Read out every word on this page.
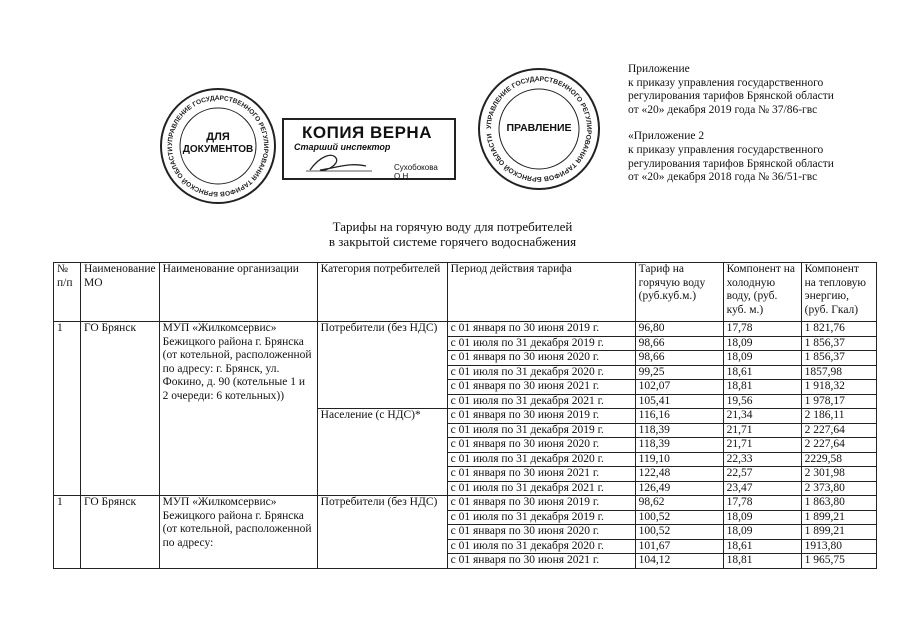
Приложение
к приказу управления государственного
регулирования тарифов Брянской области
от «20» декабря 2019 года № 37/86-гвс
«Приложение 2
к приказу управления государственного
регулирования тарифов Брянской области
от «20» декабря 2018 года № 36/51-гвс
УПРАВЛЕНИЕ ГОСУДАРСТВЕННОГО РЕГУЛИРОВАНИЯ ТАРИФОВ БРЯНСКОЙ ОБЛАСТИ
ДЛЯ
ДОКУМЕНТОВ
КОПИЯ ВЕРНА
Старший инспектор
Сухобокова О.Н.
УПРАВЛЕНИЕ ГОСУДАРСТВЕННОГО РЕГУЛИРОВАНИЯ ТАРИФОВ БРЯНСКОЙ ОБЛАСТИ
ПРАВЛЕНИЕ
Тарифы на горячую воду для потребителей
в закрытой системе горячего водоснабжения
№ п/п	Наименование МО	Наименование организации	Категория потребителей	Период действия тарифа	Тариф на горячую воду (руб.куб.м.)	Компонент на холодную воду, (руб. куб. м.)	Компонент на тепловую энергию, (руб. Гкал)
1	ГО Брянск	МУП «Жилкомсервис» Бежицкого района г. Брянска (от котельной, расположенной по адресу: г. Брянск, ул. Фокино, д. 90 (котельные 1 и 2 очереди: 6 котельных))	Потребители (без НДС)	с 01 января по 30 июня 2019 г.	96,80	17,78	1 821,76
				с 01 июля по 31 декабря 2019 г.	98,66	18,09	1 856,37
				с 01 января по 30 июня 2020 г.	98,66	18,09	1 856,37
				с 01 июля по 31 декабря 2020 г.	99,25	18,61	1857,98
				с 01 января по 30 июня 2021 г.	102,07	18,81	1 918,32
				с 01 июля по 31 декабря 2021 г.	105,41	19,56	1 978,17
			Население (с НДС)*	с 01 января по 30 июня 2019 г.	116,16	21,34	2 186,11
				с 01 июля по 31 декабря 2019 г.	118,39	21,71	2 227,64
				с 01 января по 30 июня 2020 г.	118,39	21,71	2 227,64
				с 01 июля по 31 декабря 2020 г.	119,10	22,33	2229,58
				с 01 января по 30 июня 2021 г.	122,48	22,57	2 301,98
				с 01 июля по 31 декабря 2021 г.	126,49	23,47	2 373,80
1	ГО Брянск	МУП «Жилкомсервис» Бежицкого района г. Брянска (от котельной, расположенной по адресу:	Потребители (без НДС)	с 01 января по 30 июня 2019 г.	98,62	17,78	1 863,80
				с 01 июля по 31 декабря 2019 г.	100,52	18,09	1 899,21
				с 01 января по 30 июня 2020 г.	100,52	18,09	1 899,21
				с 01 июля по 31 декабря 2020 г.	101,67	18,61	1913,80
				с 01 января по 30 июня 2021 г.	104,12	18,81	1 965,75
